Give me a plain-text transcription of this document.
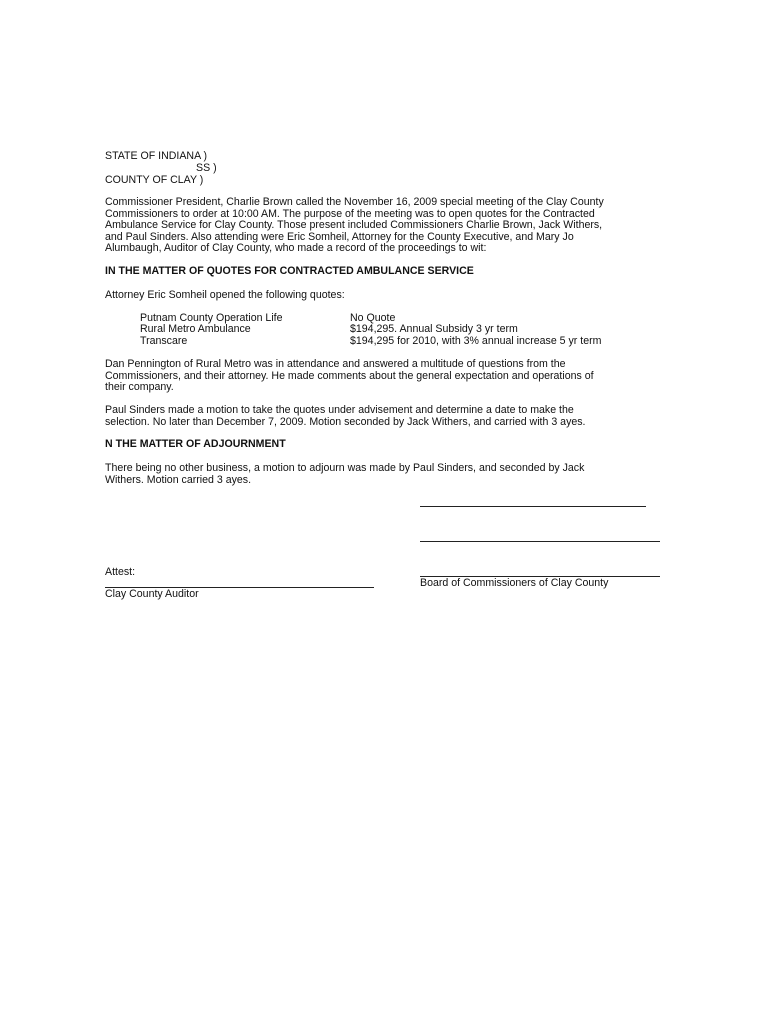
STATE OF INDIANA )
SS )
COUNTY OF CLAY )
Commissioner President, Charlie Brown called the November 16, 2009 special meeting of the Clay County
Commissioners to order at 10:00 AM. The purpose of the meeting was to open quotes for the Contracted
Ambulance Service for Clay County. Those present included Commissioners Charlie Brown, Jack Withers,
and Paul Sinders. Also attending were Eric Somheil, Attorney for the County Executive, and Mary Jo
Alumbaugh, Auditor of Clay County, who made a record of the proceedings to wit:
IN THE MATTER OF QUOTES FOR CONTRACTED AMBULANCE SERVICE
Attorney Eric Somheil opened the following quotes:
Putnam County Operation Life	No Quote
Rural Metro Ambulance	$194,295. Annual Subsidy 3 yr term
Transcare	$194,295 for 2010, with 3% annual increase 5 yr term
Dan Pennington of Rural Metro was in attendance and answered a multitude of questions from the
Commissioners, and their attorney. He made comments about the general expectation and operations of
their company.
Paul Sinders made a motion to take the quotes under advisement and determine a date to make the
selection. No later than December 7, 2009. Motion seconded by Jack Withers, and carried with 3 ayes.
N THE MATTER OF ADJOURNMENT
There being no other business, a motion to adjourn was made by Paul Sinders, and seconded by Jack
Withers. Motion carried 3 ayes.
Board of Commissioners of Clay County
Attest:
Clay County Auditor
